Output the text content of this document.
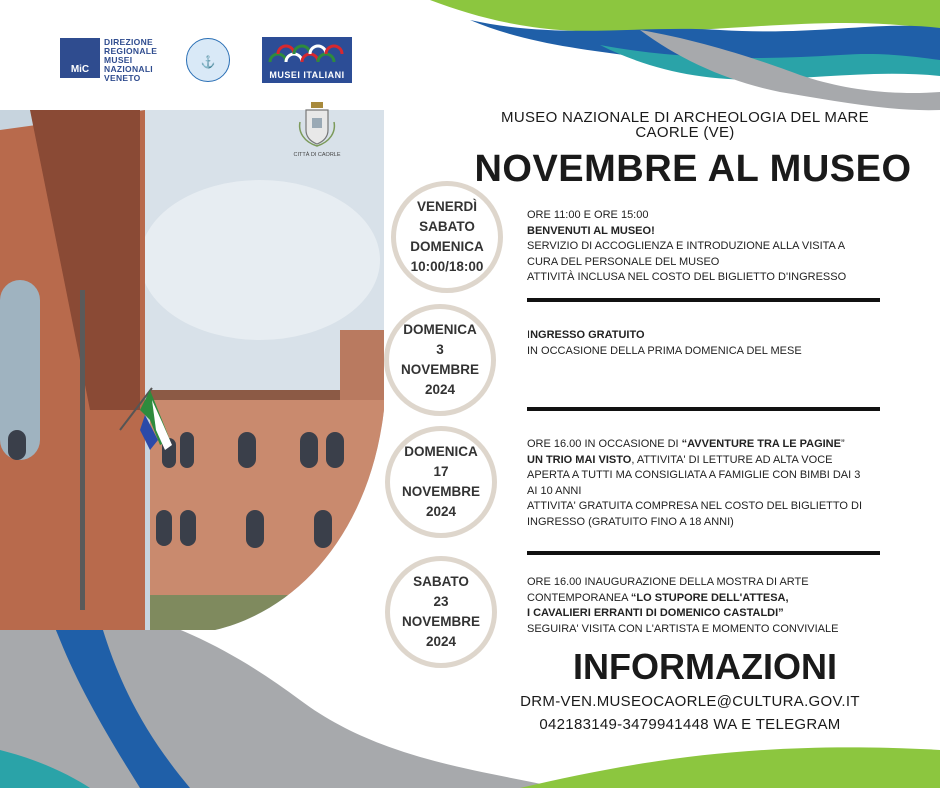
MiC
DIREZIONE
REGIONALE
MUSEI
NAZIONALI
VENETO
⚓
MUSEI ITALIANI
CITTÀ DI CAORLE
MUSEO NAZIONALE DI ARCHEOLOGIA DEL MARE
CAORLE (VE)
NOVEMBRE AL MUSEO
VENERDÌ
SABATO
DOMENICA
10:00/18:00
ORE 11:00 E ORE 15:00
BENVENUTI AL MUSEO!
SERVIZIO DI ACCOGLIENZA E INTRODUZIONE ALLA VISITA A
CURA DEL PERSONALE DEL MUSEO
ATTIVITÀ INCLUSA NEL COSTO DEL BIGLIETTO D'INGRESSO
DOMENICA
3
NOVEMBRE
2024
INGRESSO GRATUITO
IN OCCASIONE DELLA PRIMA DOMENICA DEL MESE
DOMENICA
17
NOVEMBRE
2024
ORE 16.00 IN OCCASIONE DI “AVVENTURE TRA LE PAGINE”
UN TRIO MAI VISTO, ATTIVITA' DI LETTURE AD ALTA VOCE
APERTA A TUTTI MA CONSIGLIATA A FAMIGLIE CON BIMBI DAI 3
AI 10 ANNI
ATTIVITA' GRATUITA COMPRESA NEL COSTO DEL BIGLIETTO DI
INGRESSO (GRATUITO FINO A 18 ANNI)
SABATO
23
NOVEMBRE
2024
ORE 16.00 INAUGURAZIONE DELLA MOSTRA DI ARTE
CONTEMPORANEA “LO STUPORE DELL'ATTESA,
I CAVALIERI ERRANTI DI DOMENICO CASTALDI”
SEGUIRA' VISITA CON L'ARTISTA E MOMENTO CONVIVIALE
INFORMAZIONI
DRM-VEN.MUSEOCAORLE@CULTURA.GOV.IT
042183149-3479941448 WA E TELEGRAM
